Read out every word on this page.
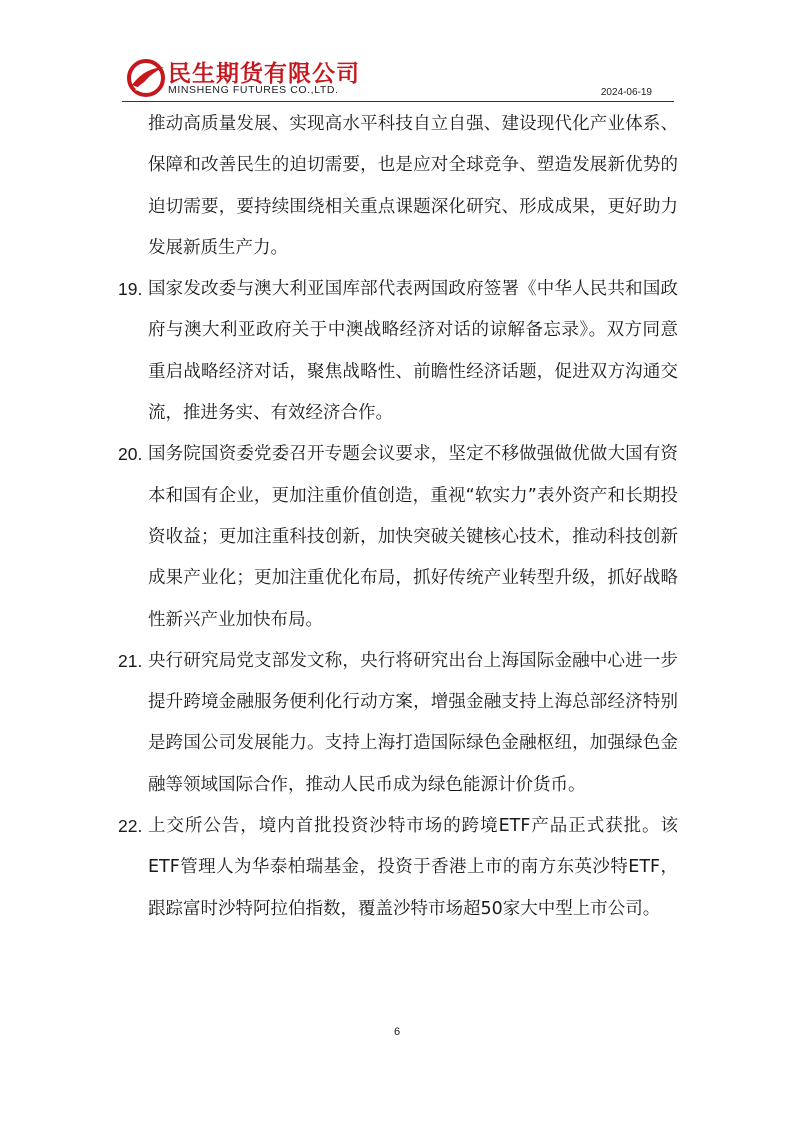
民生期货有限公司
MINSHENG FUTURES CO.,LTD.	2024-06-19

推动高质量发展、实现高水平科技自立自强、建设现代化产业体系、保障和改善民生的迫切需要，也是应对全球竞争、塑造发展新优势的迫切需要，要持续围绕相关重点课题深化研究、形成成果，更好助力发展新质生产力。

19. 国家发改委与澳大利亚国库部代表两国政府签署《中华人民共和国政府与澳大利亚政府关于中澳战略经济对话的谅解备忘录》。双方同意重启战略经济对话，聚焦战略性、前瞻性经济话题，促进双方沟通交流，推进务实、有效经济合作。

20. 国务院国资委党委召开专题会议要求，坚定不移做强做优做大国有资本和国有企业，更加注重价值创造，重视“软实力”表外资产和长期投资收益；更加注重科技创新，加快突破关键核心技术，推动科技创新成果产业化；更加注重优化布局，抓好传统产业转型升级，抓好战略性新兴产业加快布局。

21. 央行研究局党支部发文称，央行将研究出台上海国际金融中心进一步提升跨境金融服务便利化行动方案，增强金融支持上海总部经济特别是跨国公司发展能力。支持上海打造国际绿色金融枢纽，加强绿色金融等领域国际合作，推动人民币成为绿色能源计价货币。

22. 上交所公告，境内首批投资沙特市场的跨境ETF产品正式获批。该ETF管理人为华泰柏瑞基金，投资于香港上市的南方东英沙特ETF，跟踪富时沙特阿拉伯指数，覆盖沙特市场超50家大中型上市公司。

6
